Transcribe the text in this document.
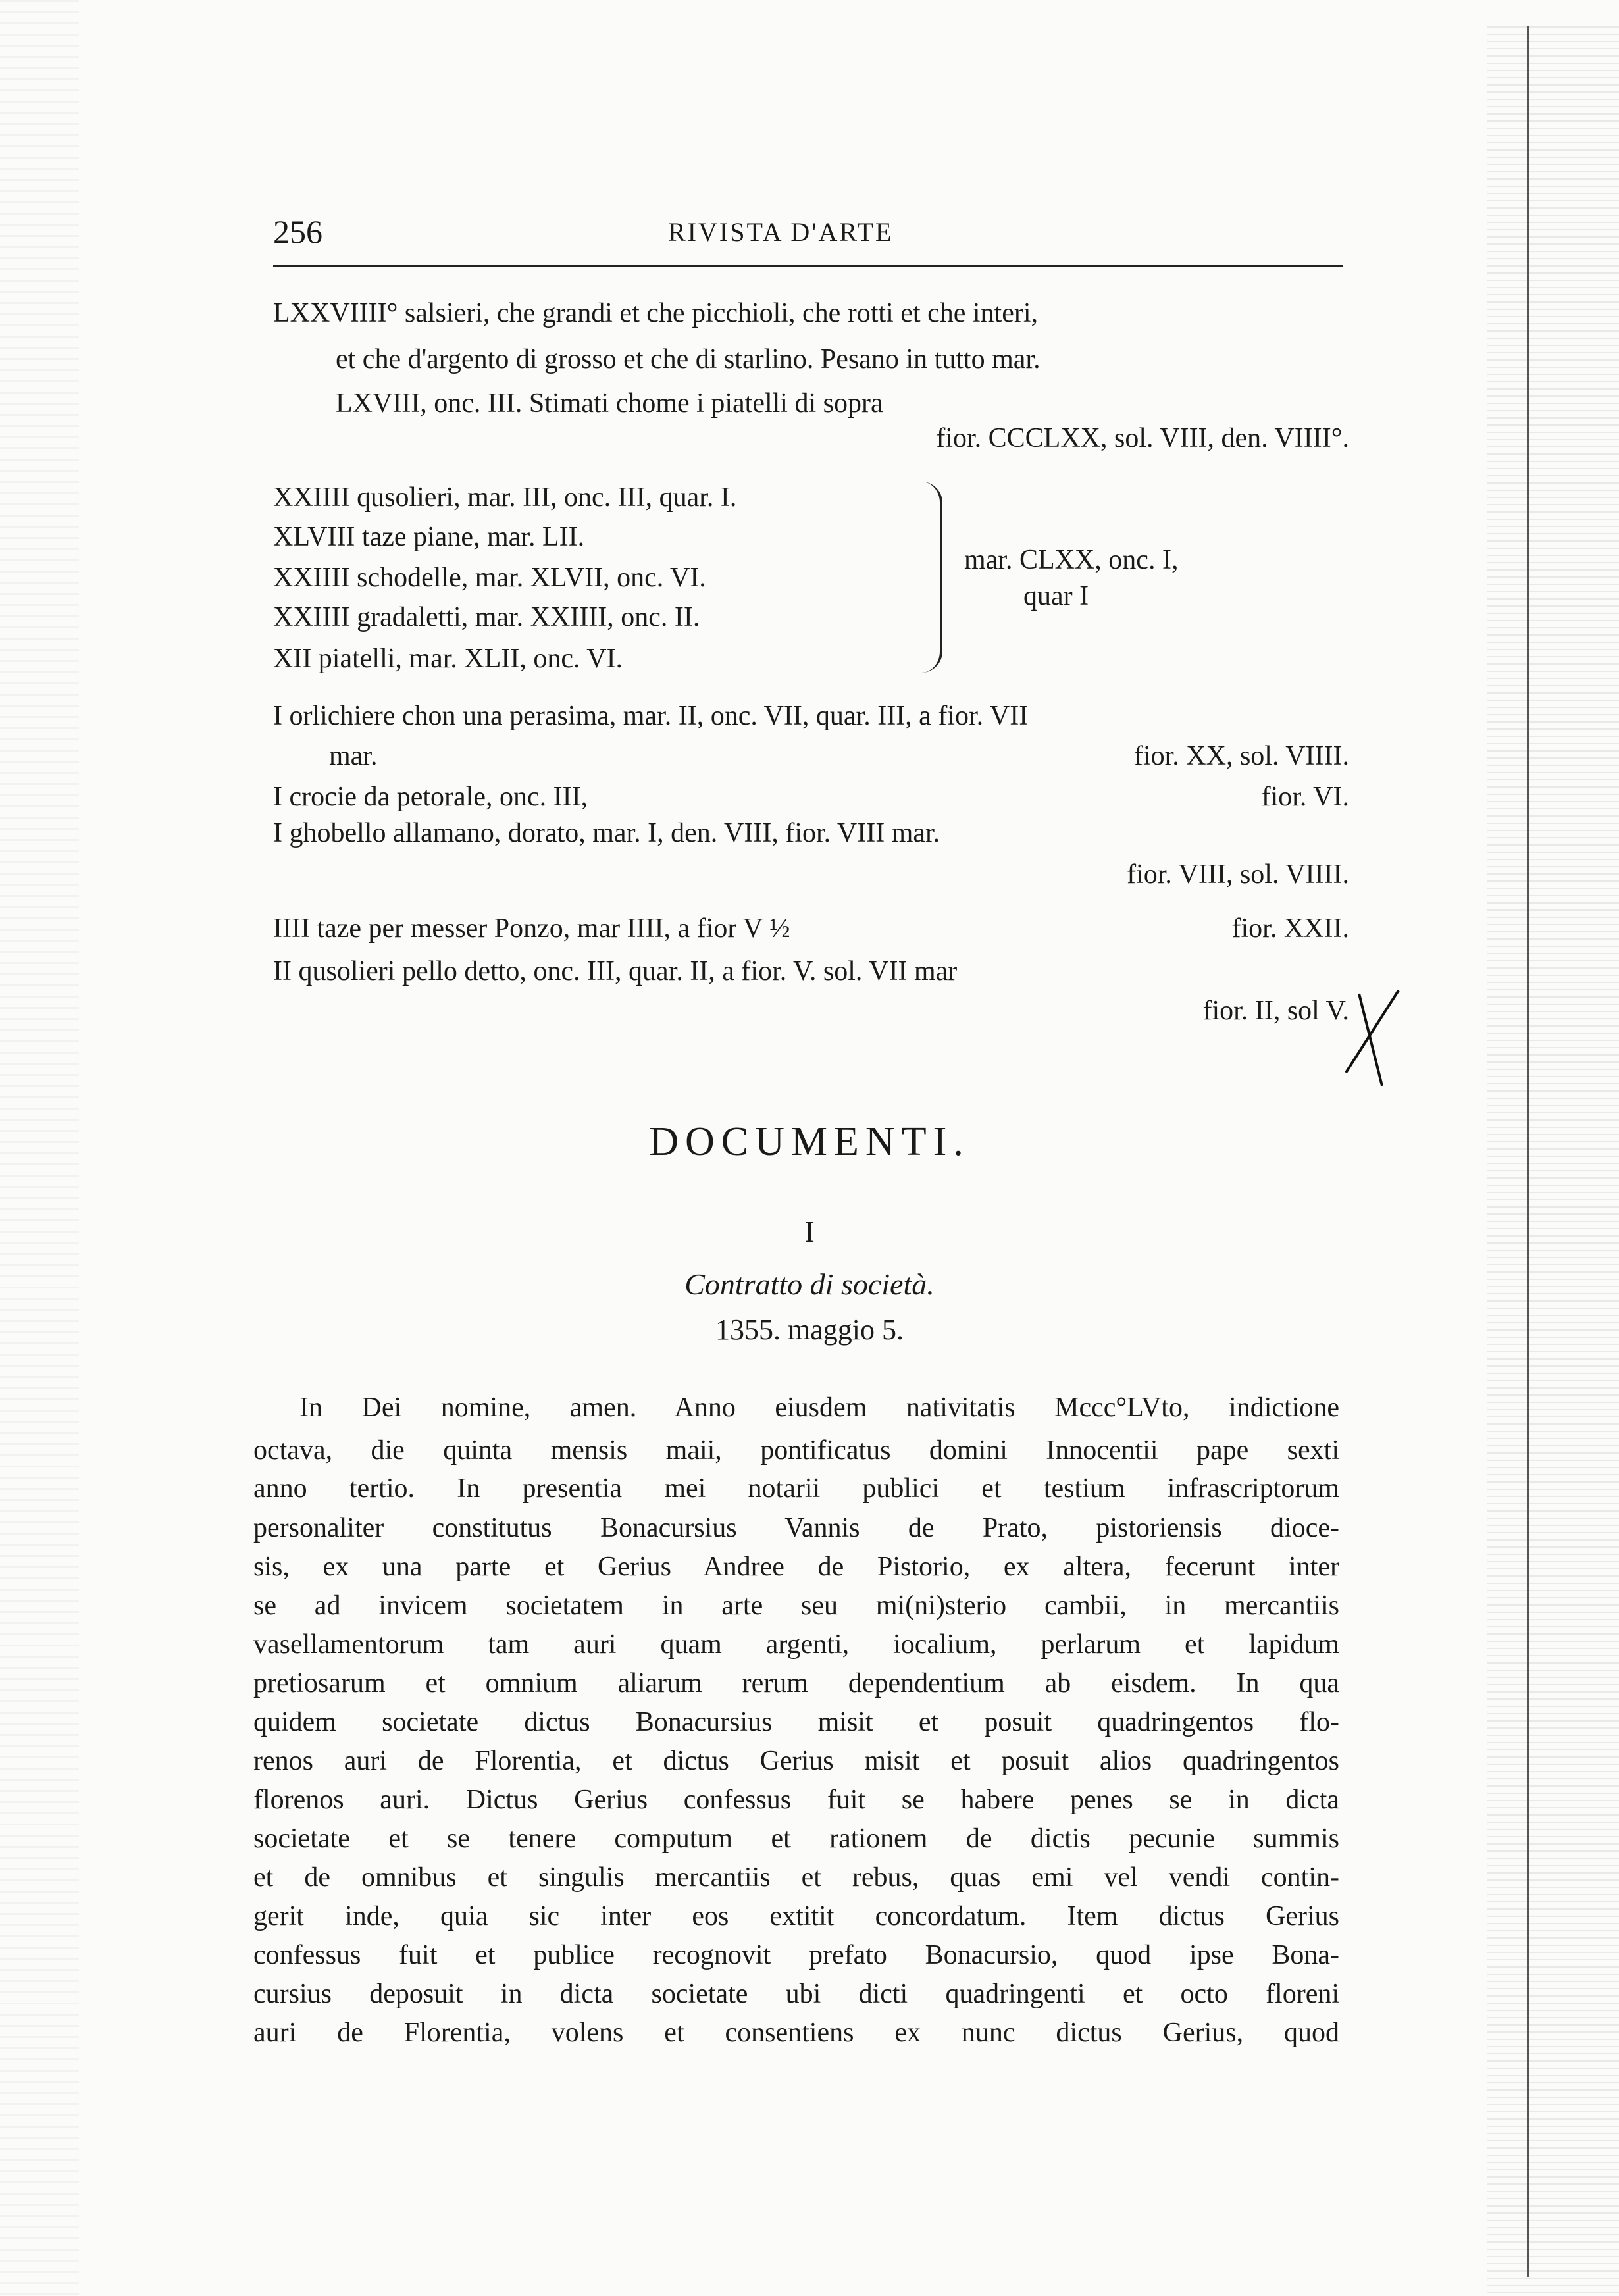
256	RIVISTA D'ARTE
LXXVIIII° salsieri, che grandi et che picchioli, che rotti et che interi,
et che d'argento di grosso et che di starlino. Pesano in tutto mar.
LXVIII, onc. III. Stimati chome i piatelli di sopra
fior. CCCLXX, sol. VIII, den. VIIII°.
XXIIII qusolieri, mar. III, onc. III, quar. I.
XLVIII taze piane, mar. LII.
XXIIII schodelle, mar. XLVII, onc. VI.
XXIIII gradaletti, mar. XXIIII, onc. II.
XII piatelli, mar. XLII, onc. VI.
mar. CLXX, onc. I,
quar I
I orlichiere chon una perasima, mar. II, onc. VII, quar. III, a fior. VII
mar.	fior. XX, sol. VIIII.
I crocie da petorale, onc. III,	fior. VI.
I ghobello allamano, dorato, mar. I, den. VIII, fior. VIII mar.
fior. VIII, sol. VIIII.
IIII taze per messer Ponzo, mar IIII, a fior V ½	fior. XXII.
II qusolieri pello detto, onc. III, quar. II, a fior. V. sol. VII mar
fior. II, sol V.
DOCUMENTI.
I
Contratto di società.
1355. maggio 5.
In Dei nomine, amen. Anno eiusdem nativitatis Mccc°LVto, indictione
octava, die quinta mensis maii, pontificatus domini Innocentii pape sexti
anno tertio. In presentia mei notarii publici et testium infrascriptorum
personaliter constitutus Bonacursius Vannis de Prato, pistoriensis dioce-
sis, ex una parte et Gerius Andree de Pistorio, ex altera, fecerunt inter
se ad invicem societatem in arte seu mi(ni)sterio cambii, in mercantiis
vasellamentorum tam auri quam argenti, iocalium, perlarum et lapidum
pretiosarum et omnium aliarum rerum dependentium ab eisdem. In qua
quidem societate dictus Bonacursius misit et posuit quadringentos flo-
renos auri de Florentia, et dictus Gerius misit et posuit alios quadringentos
florenos auri. Dictus Gerius confessus fuit se habere penes se in dicta
societate et se tenere computum et rationem de dictis pecunie summis
et de omnibus et singulis mercantiis et rebus, quas emi vel vendi contin-
gerit inde, quia sic inter eos extitit concordatum. Item dictus Gerius
confessus fuit et publice recognovit prefato Bonacursio, quod ipse Bona-
cursius deposuit in dicta societate ubi dicti quadringenti et octo floreni
auri de Florentia, volens et consentiens ex nunc dictus Gerius, quod
